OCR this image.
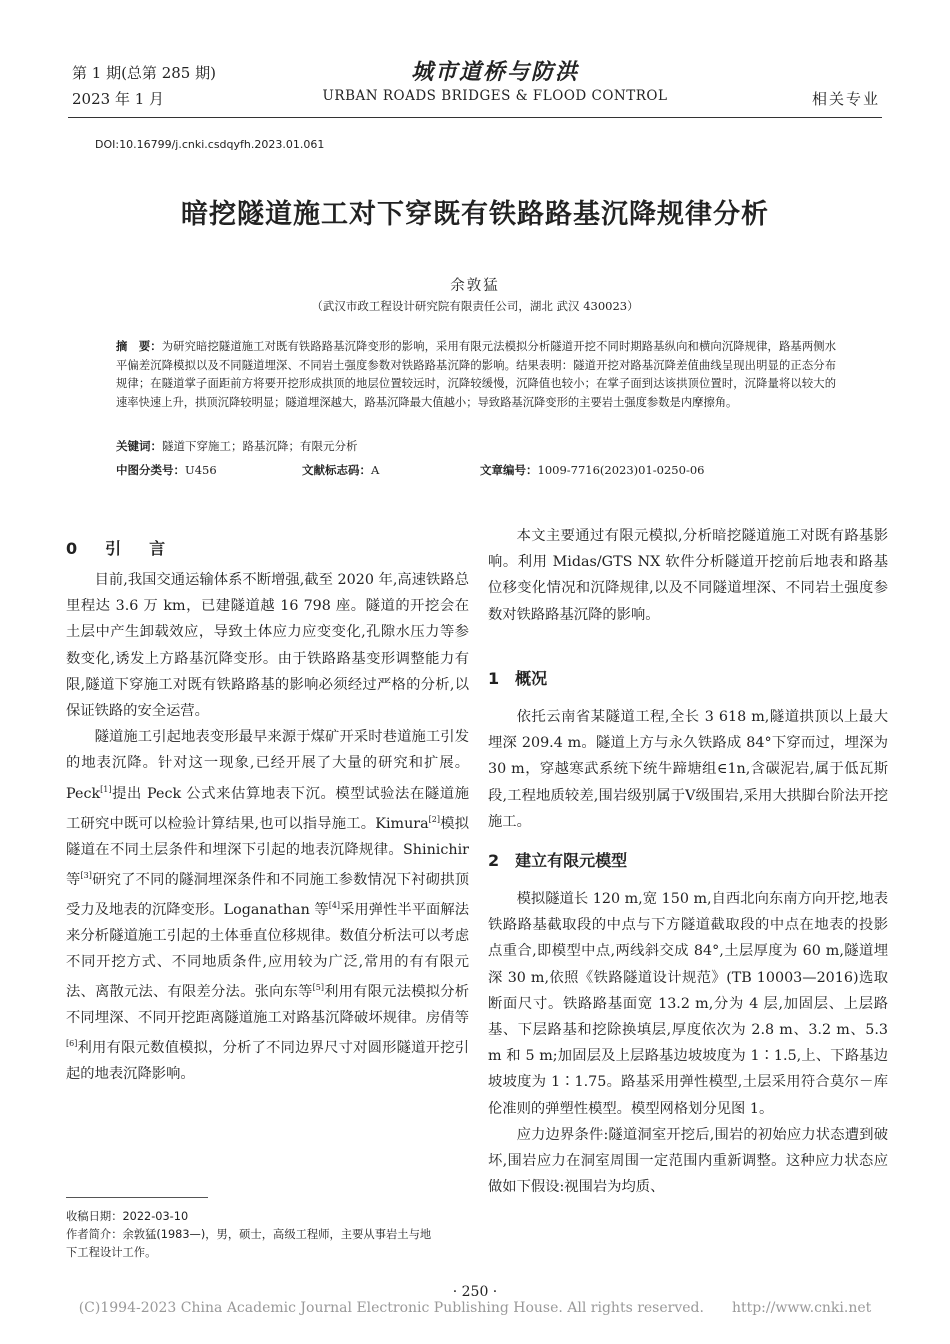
第 1 期(总第 285 期)
2023 年 1 月
城市道桥与防洪
URBAN ROADS BRIDGES & FLOOD CONTROL	相关专业
DOI:10.16799/j.cnki.csdqyfh.2023.01.061
暗挖隧道施工对下穿既有铁路路基沉降规律分析
余敦猛
（武汉市政工程设计研究院有限责任公司，湖北 武汉 430023）
摘　要：为研究暗挖隧道施工对既有铁路路基沉降变形的影响，采用有限元法模拟分析隧道开挖不同时期路基纵向和横向沉降规律，路基两侧水平偏差沉降模拟以及不同隧道埋深、不同岩土强度参数对铁路路基沉降的影响。结果表明：隧道开挖对路基沉降差值曲线呈现出明显的正态分布规律；在隧道掌子面距前方将要开挖形成拱顶的地层位置较远时，沉降较缓慢，沉降值也较小；在掌子面到达该拱顶位置时，沉降量将以较大的速率快速上升，拱顶沉降较明显；隧道埋深越大，路基沉降最大值越小；导致路基沉降变形的主要岩土强度参数是内摩擦角。
关键词：隧道下穿施工；路基沉降；有限元分析
中图分类号：U456	文献标志码：A	文章编号：1009-7716(2023)01-0250-06
0　引　言
1　概况
2　建立有限元模型

目前,我国交通运输体系不断增强,截至 2020 年,高速铁路总里程达 3.6 万 km，已建隧道越 16 798 座。隧道的开挖会在土层中产生卸载效应，导致土体应力应变变化,孔隙水压力等参数变化,诱发上方路基沉降变形。由于铁路路基变形调整能力有限,隧道下穿施工对既有铁路路基的影响必须经过严格的分析,以保证铁路的安全运营。

隧道施工引起地表变形最早来源于煤矿开采时巷道施工引发的地表沉降。针对这一现象,已经开展了大量的研究和扩展。Peck[1]提出 Peck 公式来估算地表下沉。模型试验法在隧道施工研究中既可以检验计算结果,也可以指导施工。Kimura[2]模拟隧道在不同土层条件和埋深下引起的地表沉降规律。Shinichir 等[3]研究了不同的隧洞埋深条件和不同施工参数情况下衬砌拱顶受力及地表的沉降变形。Loganathan 等[4]采用弹性半平面解法来分析隧道施工引起的土体垂直位移规律。数值分析法可以考虑不同开挖方式、不同地质条件,应用较为广泛,常用的有有限元法、离散元法、有限差分法。张向东等[5]利用有限元法模拟分析不同埋深、不同开挖距离隧道施工对路基沉降破坏规律。房倩等[6]利用有限元数值模拟，分析了不同边界尺寸对圆形隧道开挖引起的地表沉降影响。

本文主要通过有限元模拟,分析暗挖隧道施工对既有路基影响。利用 Midas/GTS NX 软件分析隧道开挖前后地表和路基位移变化情况和沉降规律,以及不同隧道埋深、不同岩土强度参数对铁路路基沉降的影响。

依托云南省某隧道工程,全长 3 618 m,隧道拱顶以上最大埋深 209.4 m。隧道上方与永久铁路成 84°下穿而过，埋深为 30 m，穿越寒武系统下统牛蹄塘组∈1n,含碳泥岩,属于低瓦斯段,工程地质较差,围岩级别属于Ⅴ级围岩,采用大拱脚台阶法开挖施工。

模拟隧道长 120 m,宽 150 m,自西北向东南方向开挖,地表铁路路基截取段的中点与下方隧道截取段的中点在地表的投影点重合,即模型中点,两线斜交成 84°,土层厚度为 60 m,隧道埋深 30 m,依照《铁路隧道设计规范》(TB 10003—2016)选取断面尺寸。铁路路基面宽 13.2 m,分为 4 层,加固层、上层路基、下层路基和挖除换填层,厚度依次为 2.8 m、3.2 m、5.3 m 和 5 m;加固层及上层路基边坡坡度为 1∶1.5,上、下路基边坡坡度为 1∶1.75。路基采用弹性模型,土层采用符合莫尔－库伦准则的弹塑性模型。模型网格划分见图 1。

应力边界条件:隧道洞室开挖后,围岩的初始应力状态遭到破坏,围岩应力在洞室周围一定范围内重新调整。这种应力状态应做如下假设:视围岩为均质、

收稿日期：2022-03-10
作者简介：余敦猛(1983—)，男，硕士，高级工程师，主要从事岩土与地下工程设计工作。
· 250 ·
(C)1994-2023 China Academic Journal Electronic Publishing House. All rights reserved.　　http://www.cnki.net
